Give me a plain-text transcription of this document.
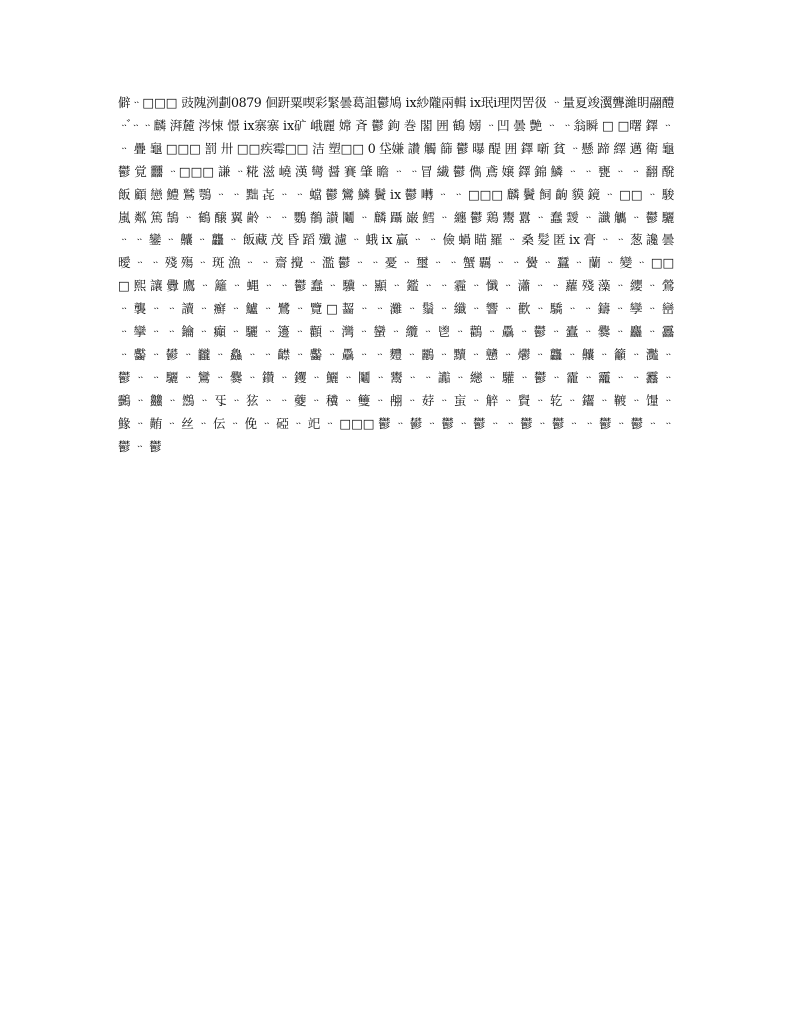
僻ᆢ□□□ 豉隗洌劃0879 佪趼粟喫彩緊曇葛詛鬱鳩 ⅸ紗隴兩輯 ⅸ珉ⅰ理閃罟彶 ᆢ量夏竣瀷聾濰眀翮醴 ᆢ゙ᆢᆢ麟 湃麓 涔悚 憬 ⅸ寨寨 ⅸ矿 峨麗 嫦 斉 鬱 鉤 巻 閣 囲 鶴 嫋 ᆢ凹 曇 艶 ᆢ ᆢ翁瞬 □ □曙 鐸 ᆢ ᆢ 疊 龜 □□□ 罰 卅 □□疾霉□□ 洁 塑□□ 0 垈嫌 讚 觸 篩 鬱 曝 醍 囲 鐸 噺 貧 ᆢ懸 蹄 繹 邁 衛 龜 鬱 覚 䨻 ᆢ□□□ 謙 ᆢ糀 滋 嶢 漢 彎 醤 賽 肇 瞻 ᆢ ᆢ冒 繊 鬱 儁 鳶 嬢 鐸 錦 鱗 ᆢ ᆢ 甕 ᆢ ᆢ 翻 醗 飯 顧 戀 鱧 鷲 鶚 ᆢ ᆢ 黜 㐂 ᆢ ᆢ 蟷 鬱 鸞 鱗 鬢 ⅸ 鬱 囀 ᆢ ᆢ □□□ 麟 鬢 飼 齣 貘 鏡 ᆢ □□ ᆢ 駿 嵐 粼 篤 鵠 ᆢ 鶴 醸 翼 齢 ᆢ ᆢ 鸚 鶺 讃 鬮 ᆢ 麟 躡 巌 鱈 ᆢ 纏 鬱 鶏 鬻 囂 ᆢ 蠢 靉 ᆢ 讖 觿 ᆢ 鬱 驪 ᆢ ᆢ 鑾 ᆢ 齉 ᆢ 龘 ᆢ 飯藏 茂 昏 蹈 殲 濾 ᆢ 蛾 ⅸ 贏 ᆢ ᆢ 儉 蝸 瞄 羅 ᆢ 桑 髪 匿 ⅸ 膏 ᆢ ᆢ 葱 讒 曇 曖 ᆢ ᆢ 殘 殤 ᆢ 斑 漁 ᆢ ᆢ 齋 攪 ᆢ 濫 鬱 ᆢ ᆢ 憂 ᆢ 璽 ᆢ ᆢ 蟹 覊 ᆢ ᆢ 黌 ᆢ 蠶 ᆢ 蘭 ᆢ 變 ᆢ □□□ 熙 讓 釁 鷹 ᆢ 籬 ᆢ 蝿 ᆢ ᆢ 鬱 蠢 ᆢ 驥 ᆢ 顯 ᆢ 鑑 ᆢ ᆢ 霾 ᆢ 懺 ᆢ 瀟 ᆢ ᆢ 蘿 殘 藻 ᆢ 纓 ᆢ 鶯 ᆢ 襲 ᆢ ᆢ 讀 ᆢ 癬 ᆢ 鱸 ᆢ 鷺 ᆢ 覽 □ 齧 ᆢ ᆢ 灘 ᆢ 鬚 ᆢ 纖 ᆢ 響 ᆢ 歡 ᆢ 驕 ᆢ ᆢ 鑄 ᆢ 孿 ᆢ 巒 ᆢ 攣 ᆢ ᆢ 鑰 ᆢ 癲 ᆢ 驪 ᆢ 籩 ᆢ 顴 ᆢ 灣 ᆢ 蠻 ᆢ 纜 ᆢ 鬯 ᆢ 鸛 ᆢ 驫 ᆢ 鬱 ᆢ 蠹 ᆢ 爨 ᆢ 麤 ᆢ 靐 ᆢ 齾 ᆢ 鬰 ᆢ 龖 ᆢ 鱻 ᆢ ᆢ 齽 ᆢ 齾 ᆢ 驫 ᆢ ᆢ 麷 ᆢ 鸝 ᆢ 黷 ᆢ 戇 ᆢ 爩 ᆢ 龘 ᆢ 齉 ᆢ 籲 ᆢ 灩 ᆢ 鬱 ᆢ ᆢ 驪 ᆢ 鸞 ᆢ 爨 ᆢ 鑽 ᆢ 钁 ᆢ 鱺 ᆢ 鬮 ᆢ 鬻 ᆢ ᆢ 讟 ᆢ 纞 ᆢ 驩 ᆢ 鬱 ᆢ 靇 ᆢ 龗 ᆢ ᆢ 䨺 ᆢ 䴒 ᆢ 䲜 ᆢ 䳿 ᆢ 㸦 ᆢ 㹡 ᆢ ᆢ 䕫 ᆢ 䆏 ᆢ 䉶 ᆢ 䎃 ᆢ 䒵 ᆢ 䖟 ᆢ 䚝 ᆢ 䝿 ᆢ 䢀 ᆢ 䥹 ᆢ 䩲 ᆢ 䭪 ᆢ 䱲 ᆢ 䵋 ᆢ 丝 ᆢ 伝 ᆢ 俛 ᆢ 䃁 ᆢ 䇃 ᆢ □□□ 鬱 ᆢ 鬰 ᆢ 鬱 ᆢ 鬱 ᆢ ᆢ 鬱 ᆢ 鬱 ᆢ ᆢ 鬱 ᆢ 鬱 ᆢ ᆢ 鬱 ᆢ 鬱
